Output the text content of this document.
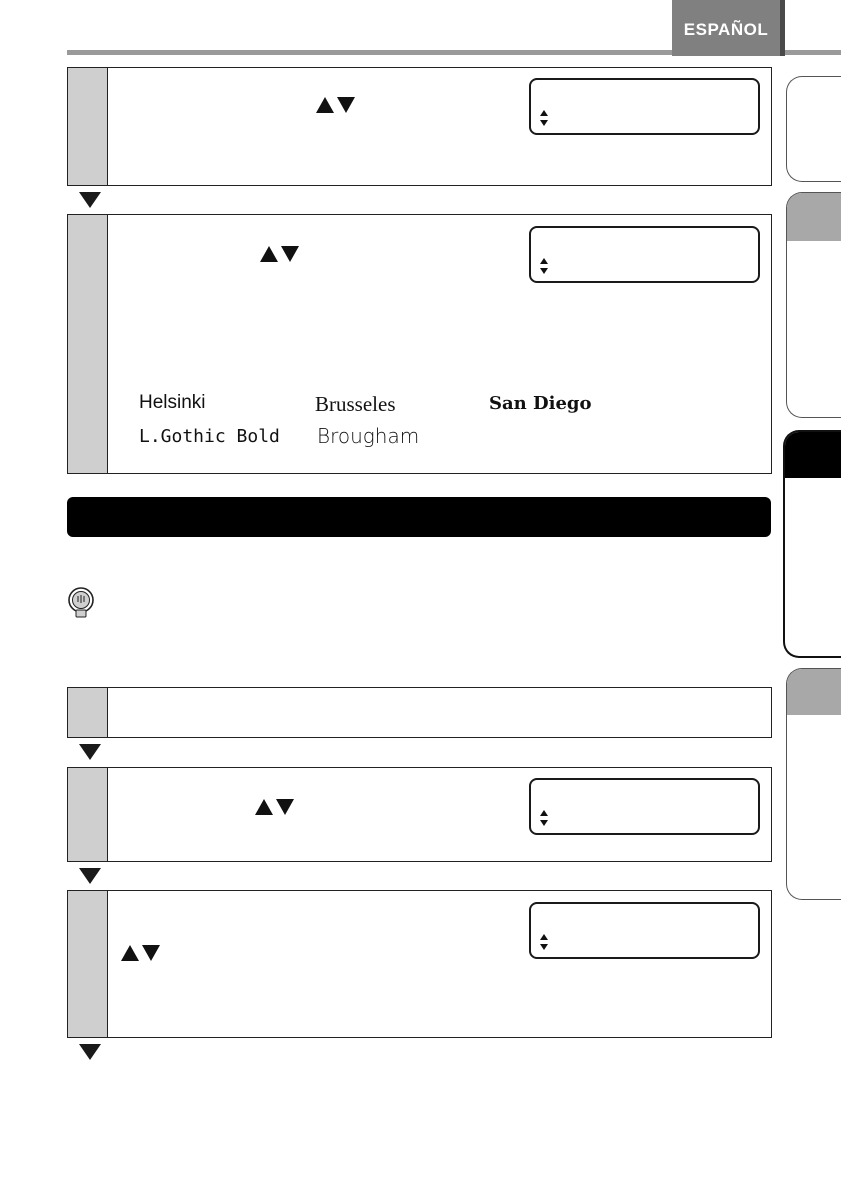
ESPAÑOL
Helsinki	Brusseles	San Diego
L.Gothic Bold Brougham
